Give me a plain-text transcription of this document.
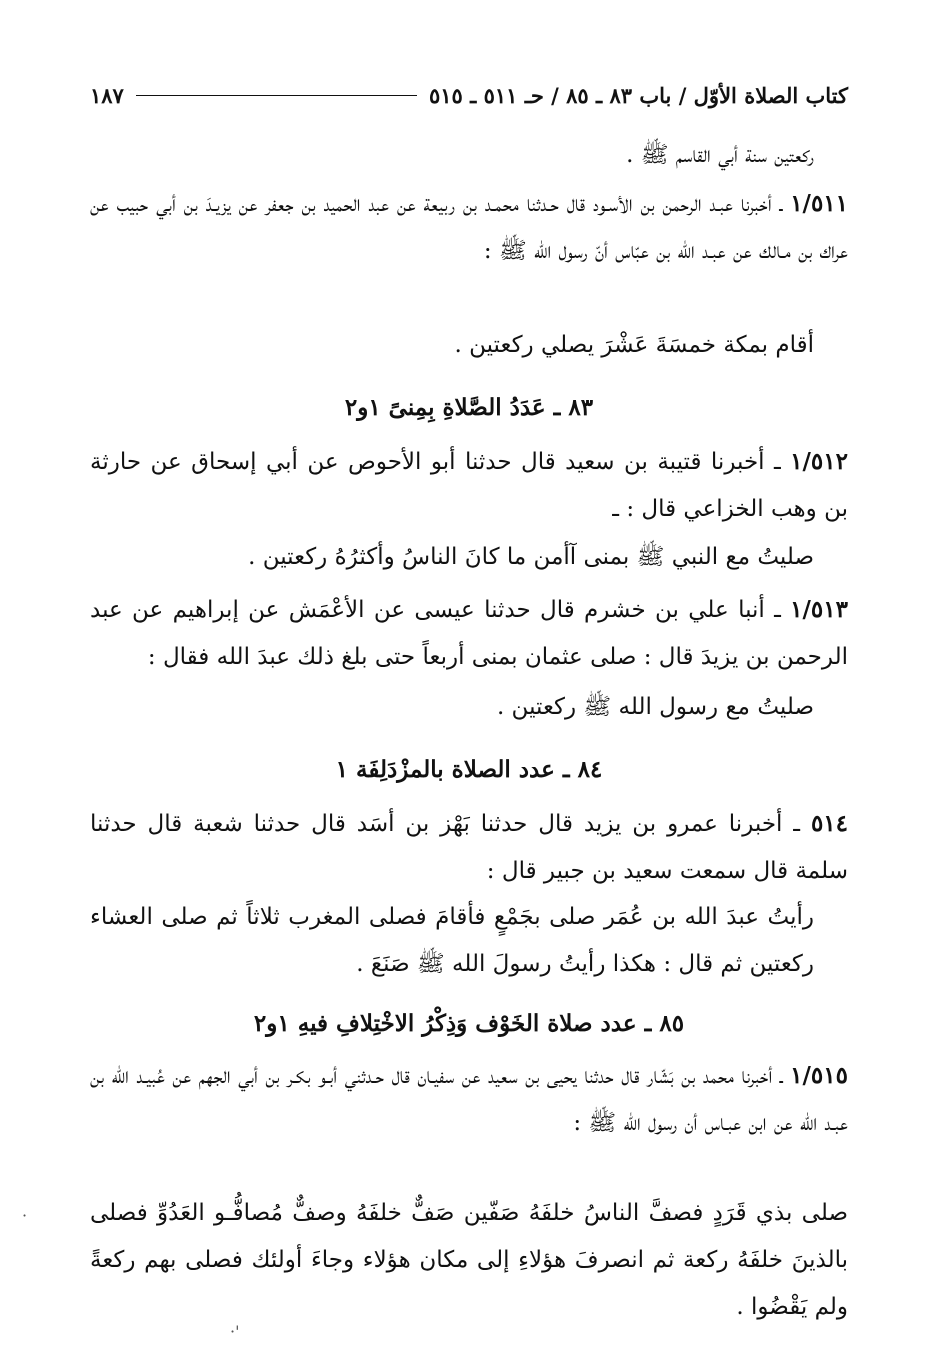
كتاب الصلاة الأوّل / باب ٨٣ ـ ٨٥ / حـ ٥١١ ـ ٥١٥
١٨٧
ركعتين سنة أبي القاسم ﷺ .
١/٥١١ ـ أخبرنا عبـد الرحمن بن الأسـود قال حـدثنا محمـد بن ربيعة عن عبد الحميد بن جعفر عن يزيـدَ بن أبي حبيب عن عراك بن مـالك عن عبـد الله بن عبّاس أنّ رسول الله ﷺ :
أقام بمكة خمسَةَ عَشْرَ يصلي ركعتين .
٨٣ ـ عَدَدُ الصَّلاةِ بِمِنىً ١و٢
١/٥١٢ ـ أخبرنا قتيبة بن سعيد قال حدثنا أبو الأحوص عن أبي إسحاق عن حارثة بن وهب الخزاعي قال : ـ
صليتُ مع النبي ﷺ بمنى آأمن ما كانَ الناسُ وأكثرُهُ ركعتين .
١/٥١٣ ـ أنبا علي بن خشرم قال حدثنا عيسى عن الأعْمَش عن إبراهيم عن عبد الرحمن بن يزيدَ قال : صلى عثمان بمنى أربعاً حتى بلغ ذلك عبدَ الله فقال :
صليتُ مع رسول الله ﷺ ركعتين .
٨٤ ـ عدد الصلاة بالمزْدَلِفَة ١
٥١٤ ـ أخبرنا عمرو بن يزيد قال حدثنا بَهْز بن أسَد قال حدثنا شعبة قال حدثنا سلمة قال سمعت سعيد بن جبير قال :
رأيتُ عبدَ الله بن عُمَر صلى بجَمْعٍ فأقامَ فصلى المغرب ثلاثاً ثم صلى العشاء ركعتين ثم قال : هكذا رأيتُ رسولَ الله ﷺ صَنَعَ .
٨٥ ـ عدد صلاة الخَوْف وَذِكْرُ الاخْتِلافِ فيهِ ١و٢
١/٥١٥ ـ أخبرنا محمد بن بَشّار قال حدثنا يحيى بن سعيد عن سفيـان قال حـدثني أبـو بكـر بن أبي الجهم عن عُبيـد الله بن عبـد الله عن ابن عبـاس أن رسول الله ﷺ :
صلى بذي قَرَدٍ فصفَّ الناسُ خلفَهُ صَفّين صَفٌّ خلفَهُ وصفٌّ مُصافُّـو العَدُوِّ فصلى بالذينَ خلفَهُ ركعة ثم انصرفَ هؤلاءِ إلى مكان هؤلاء وجاءَ أولئك فصلى بهم ركعةً ولم يَقْضُوا .
·
·'
